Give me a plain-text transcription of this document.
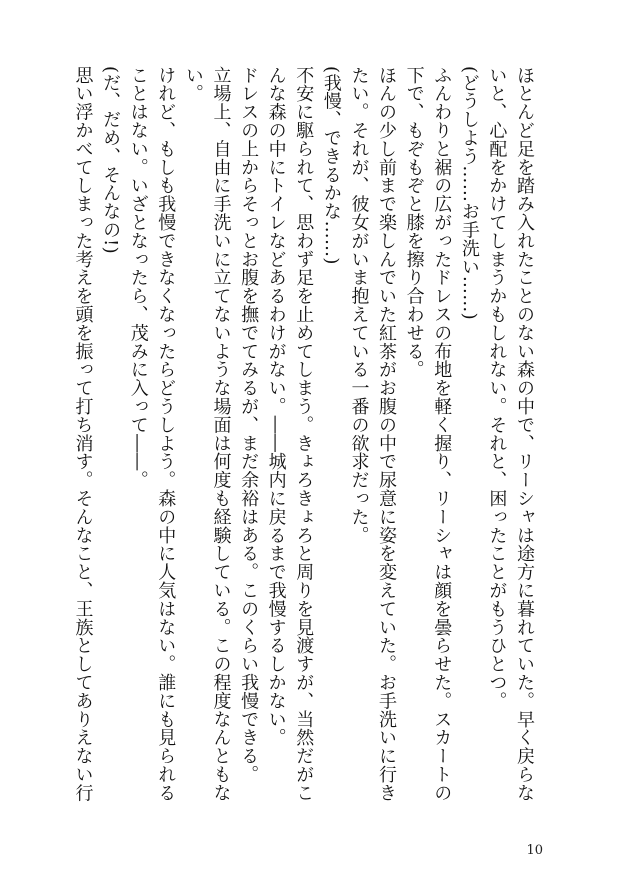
ほとんど足を踏み入れたことのない森の中で、リーシャは途方に暮れていた。早く戻らな
いと、心配をかけてしまうかもしれない。それと、困ったことがもうひとつ。
(どうしよう……お手洗い……)
ふんわりと裾の広がったドレスの布地を軽く握り、リーシャは顔を曇らせた。スカートの
下で、もぞもぞと膝を擦り合わせる。
ほんの少し前まで楽しんでいた紅茶がお腹の中で尿意に姿を変えていた。お手洗いに行き
たい。それが、彼女がいま抱えている一番の欲求だった。
(我慢、できるかな……)
不安に駆られて、思わず足を止めてしまう。きょろきょろと周りを見渡すが、当然だがこ
んな森の中にトイレなどあるわけがない。――城内に戻るまで我慢するしかない。
ドレスの上からそっとお腹を撫でてみるが、まだ余裕はある。このくらい我慢できる。
立場上、自由に手洗いに立てないような場面は何度も経験している。この程度なんともな
い。
けれど、もしも我慢できなくなったらどうしよう。森の中に人気はない。誰にも見られる
ことはない。いざとなったら、茂みに入って――。
(だ、だめ、そんなの!)
思い浮かべてしまった考えを頭を振って打ち消す。そんなこと、王族としてありえない行
10
